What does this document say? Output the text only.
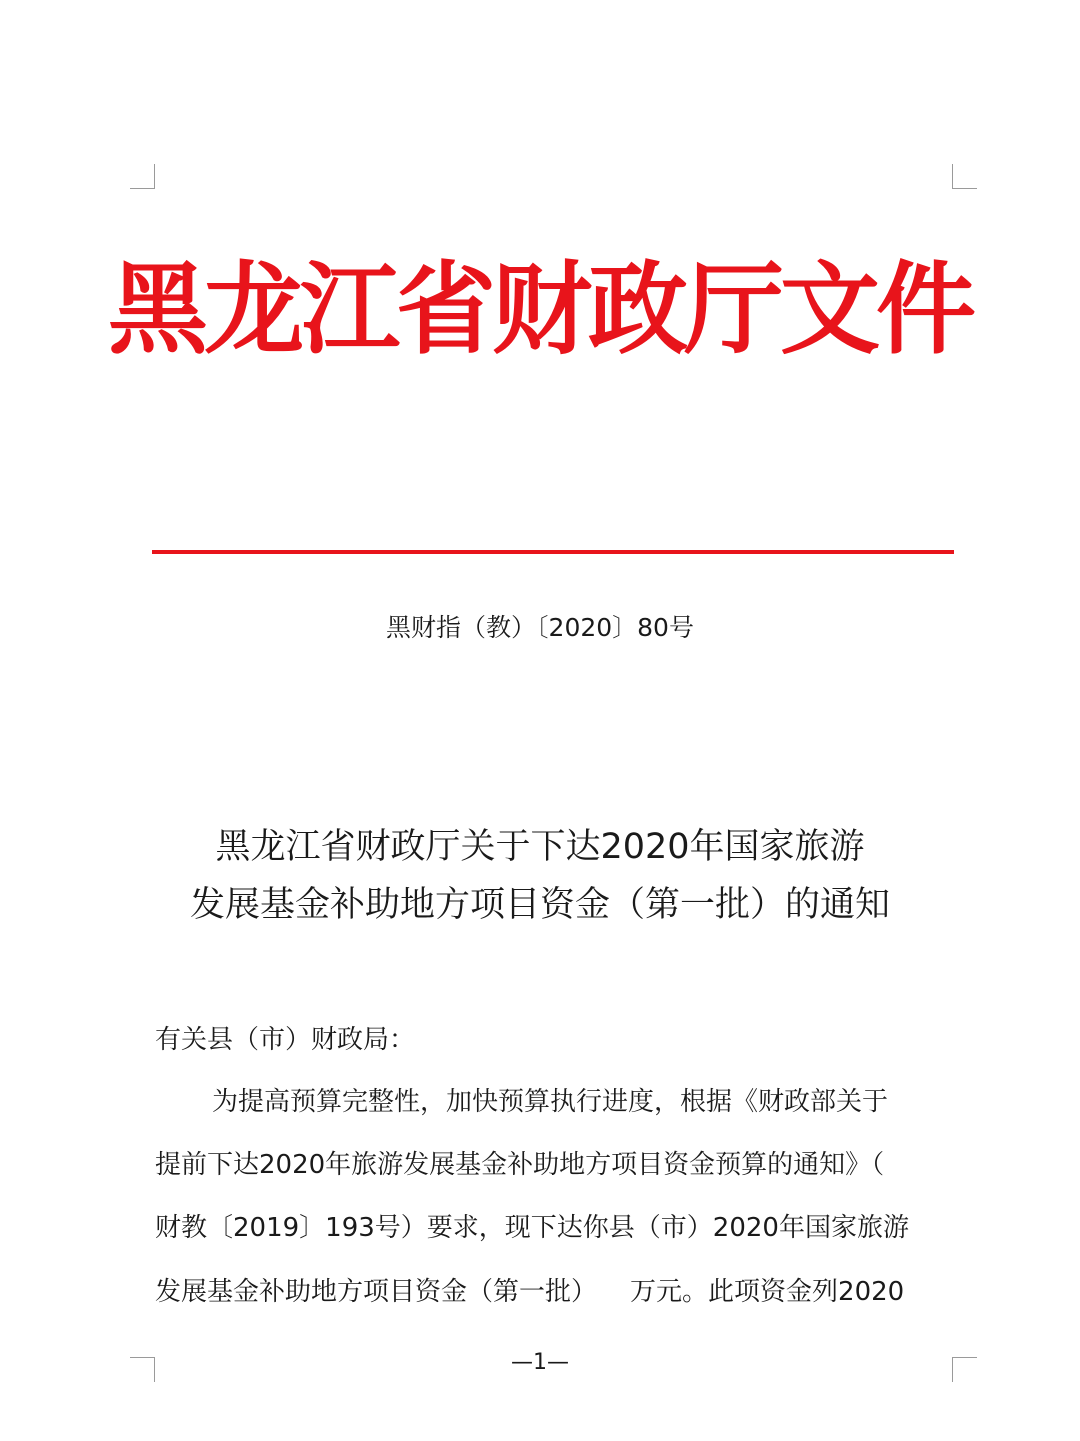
黑龙江省财政厅文件
黑财指（教）〔2020〕80号
黑龙江省财政厅关于下达2020年国家旅游
发展基金补助地方项目资金（第一批）的通知
有关县（市）财政局：
为提高预算完整性，加快预算执行进度，根据《财政部关于
提前下达2020年旅游发展基金补助地方项目资金预算的通知》（
财教〔2019〕193号）要求，现下达你县（市）2020年国家旅游
发展基金补助地方项目资金（第一批）    万元。此项资金列2020
—1—
